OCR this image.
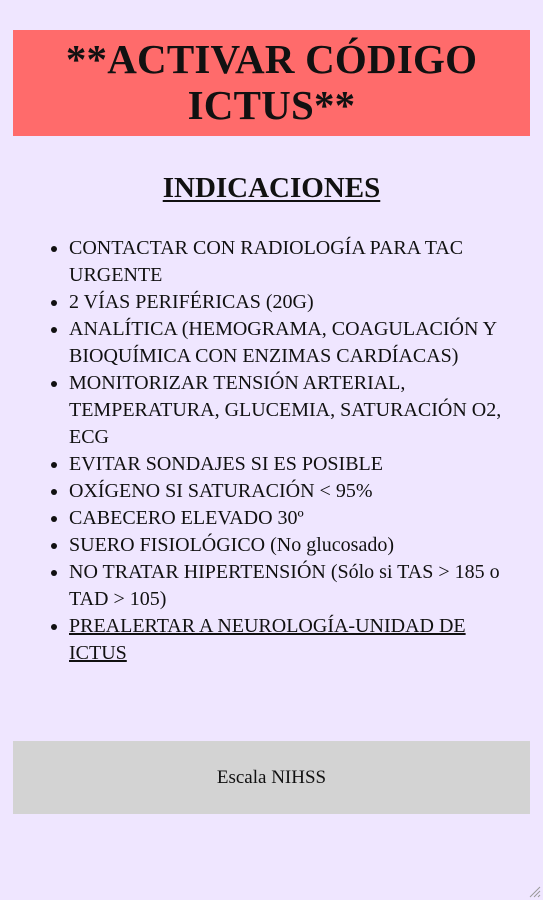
**ACTIVAR CÓDIGO ICTUS**
INDICACIONES
• CONTACTAR CON RADIOLOGÍA PARA TAC URGENTE
• 2 VÍAS PERIFÉRICAS (20G)
• ANALÍTICA (HEMOGRAMA, COAGULACIÓN Y BIOQUÍMICA CON ENZIMAS CARDÍACAS)
• MONITORIZAR TENSIÓN ARTERIAL, TEMPERATURA, GLUCEMIA, SATURACIÓN O2, ECG
• EVITAR SONDAJES SI ES POSIBLE
• OXÍGENO SI SATURACIÓN < 95%
• CABECERO ELEVADO 30º
• SUERO FISIOLÓGICO (No glucosado)
• NO TRATAR HIPERTENSIÓN (Sólo si TAS > 185 o TAD > 105)
• PREALERTAR A NEUROLOGÍA-UNIDAD DE ICTUS
Escala NIHSS
